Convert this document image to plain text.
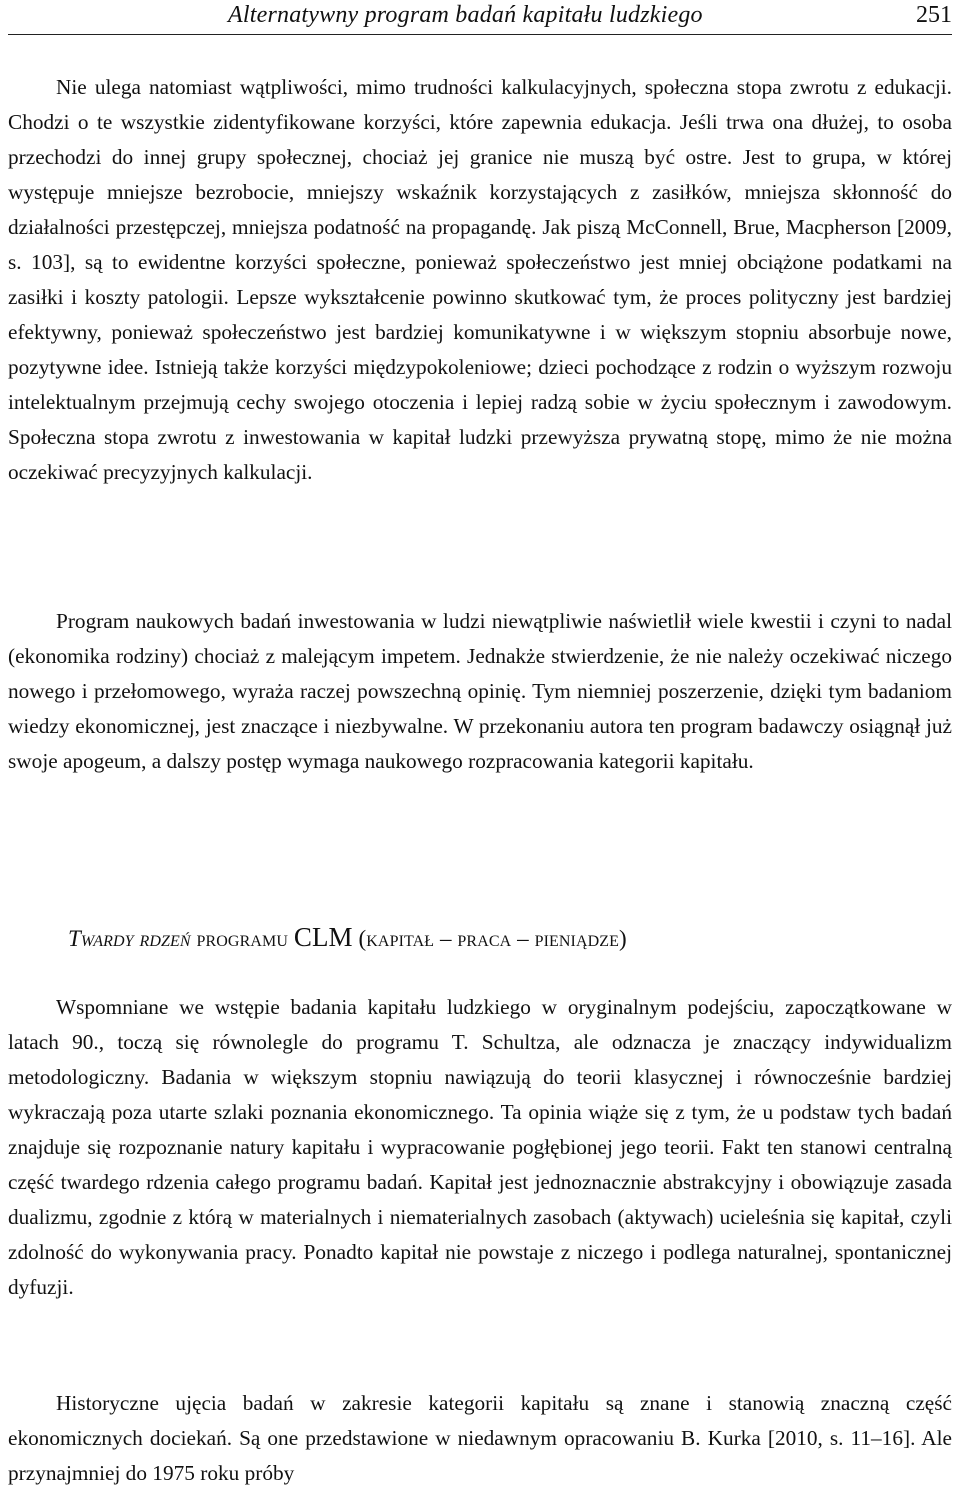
Alternatywny program badań kapitału ludzkiego	251

Nie ulega natomiast wątpliwości, mimo trudności kalkulacyjnych, społeczna stopa zwrotu z edukacji. Chodzi o te wszystkie zidentyfikowane korzyści, które zapewnia edukacja. Jeśli trwa ona dłużej, to osoba przechodzi do innej grupy społecznej, chociaż jej granice nie muszą być ostre. Jest to grupa, w której występuje mniejsze bezrobocie, mniejszy wskaźnik korzystających z zasiłków, mniejsza skłonność do działalności przestępczej, mniejsza podatność na propagandę. Jak piszą McConnell, Brue, Macpherson [2009, s. 103], są to ewidentne korzyści społeczne, ponieważ społeczeństwo jest mniej obciążone podatkami na zasiłki i koszty patologii. Lepsze wykształcenie powinno skutkować tym, że proces polityczny jest bardziej efektywny, ponieważ społeczeństwo jest bardziej komunikatywne i w większym stopniu absorbuje nowe, pozytywne idee. Istnieją także korzyści międzypokoleniowe; dzieci pochodzące z rodzin o wyższym rozwoju intelektualnym przejmują cechy swojego otoczenia i lepiej radzą sobie w życiu społecznym i zawodowym. Społeczna stopa zwrotu z inwestowania w kapitał ludzki przewyższa prywatną stopę, mimo że nie można oczekiwać precyzyjnych kalkulacji.

Program naukowych badań inwestowania w ludzi niewątpliwie naświetlił wiele kwestii i czyni to nadal (ekonomika rodziny) chociaż z malejącym impetem. Jednakże stwierdzenie, że nie należy oczekiwać niczego nowego i przełomowego, wyraża raczej powszechną opinię. Tym niemniej poszerzenie, dzięki tym badaniom wiedzy ekonomicznej, jest znaczące i niezbywalne. W przekonaniu autora ten program badawczy osiągnął już swoje apogeum, a dalszy postęp wymaga naukowego rozpracowania kategorii kapitału.

Twardy rdzeń programu CLM (kapitał – praca – pieniądze)

Wspomniane we wstępie badania kapitału ludzkiego w oryginalnym podejściu, zapoczątkowane w latach 90., toczą się równolegle do programu T. Schultza, ale odznacza je znaczący indywidualizm metodologiczny. Badania w większym stopniu nawiązują do teorii klasycznej i równocześnie bardziej wykraczają poza utarte szlaki poznania ekonomicznego. Ta opinia wiąże się z tym, że u podstaw tych badań znajduje się rozpoznanie natury kapitału i wypracowanie pogłębionej jego teorii. Fakt ten stanowi centralną część twardego rdzenia całego programu badań. Kapitał jest jednoznacznie abstrakcyjny i obowiązuje zasada dualizmu, zgodnie z którą w materialnych i niematerialnych zasobach (aktywach) ucieleśnia się kapitał, czyli zdolność do wykonywania pracy. Ponadto kapitał nie powstaje z niczego i podlega naturalnej, spontanicznej dyfuzji.

Historyczne ujęcia badań w zakresie kategorii kapitału są znane i stanowią znaczną część ekonomicznych dociekań. Są one przedstawione w niedawnym opracowaniu B. Kurka [2010, s. 11–16]. Ale przynajmniej do 1975 roku próby
